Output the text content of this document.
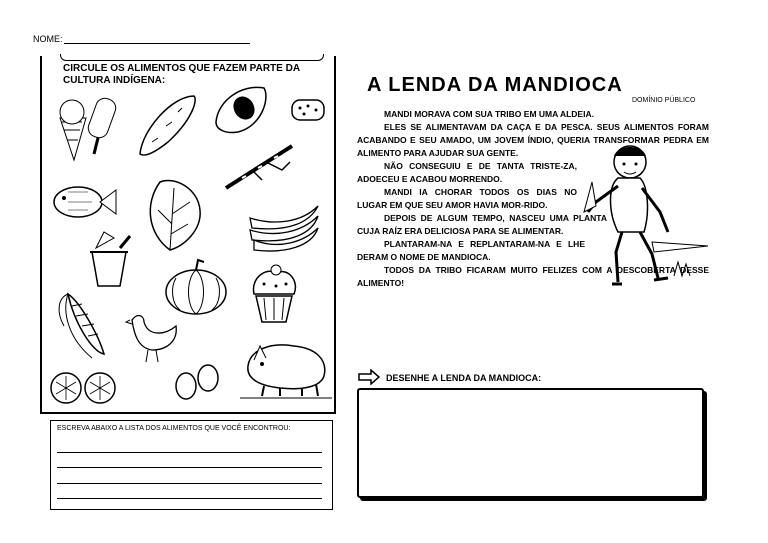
NOME:
CIRCULE OS ALIMENTOS QUE FAZEM PARTE DA CULTURA INDÍGENA:
ESCREVA ABAIXO A LISTA DOS ALIMENTOS QUE VOCÊ ENCONTROU:
A LENDA DA MANDIOCA
DOMÍNIO PÚBLICO

MANDI MORAVA COM SUA TRIBO EM UMA ALDEIA.

ELES SE ALIMENTAVAM DA CAÇA E DA PESCA. SEUS ALIMENTOS FORAM ACABANDO E SEU AMADO, UM JOVEM ÍNDIO, QUERIA TRANSFORMAR PEDRA EM ALIMENTO PARA AJUDAR SUA GENTE.

NÃO CONSEGUIU E DE TANTA TRISTE-ZA, ADOECEU E ACABOU MORRENDO.

MANDI IA CHORAR TODOS OS DIAS NO LUGAR EM QUE SEU AMOR HAVIA MOR-RIDO.

DEPOIS DE ALGUM TEMPO, NASCEU UMA PLANTA CUJA RAÍZ ERA DELICIOSA PARA SE ALIMENTAR.

PLANTARAM-NA E REPLANTARAM-NA E LHE DERAM O NOME DE MANDIOCA.

TODOS DA TRIBO FICARAM MUITO FELIZES COM A DESCOBERTA DESSE ALIMENTO!

DESENHE A LENDA DA MANDIOCA:
